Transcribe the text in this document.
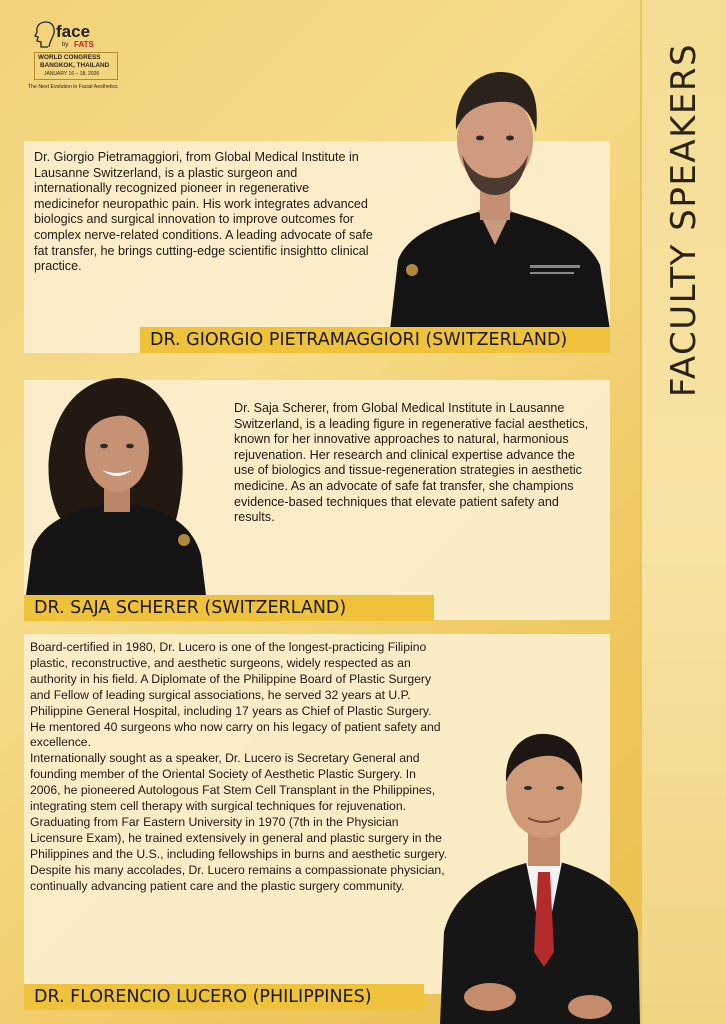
FACULTY SPEAKERS
face
by FATS
WORLD CONGRESS
BANGKOK, THAILAND
JANUARY 16 – 18, 2026
The Next Evolution in Facial Aesthetics
Dr. Giorgio Pietramaggiori, from Global Medical Institute in Lausanne Switzerland, is a plastic surgeon and internationally recognized pioneer in regenerative medicinefor neuropathic pain. His work integrates advanced biologics and surgical innovation to improve outcomes for complex nerve-related conditions. A leading advocate of safe fat transfer, he brings cutting-edge scientific insightto clinical practice.
DR. GIORGIO PIETRAMAGGIORI (SWITZERLAND)
Dr. Saja Scherer, from Global Medical Institute in Lausanne Switzerland, is a leading figure in regenerative facial aesthetics, known for her innovative approaches to natural, harmonious rejuvenation. Her research and clinical expertise advance the use of biologics and tissue-regeneration strategies in aesthetic medicine. As an advocate of safe fat transfer, she champions evidence-based techniques that elevate patient safety and results.
DR. SAJA SCHERER (SWITZERLAND)

Board-certified in 1980, Dr. Lucero is one of the longest-practicing Filipino plastic, reconstructive, and aesthetic surgeons, widely respected as an authority in his field. A Diplomate of the Philippine Board of Plastic Surgery and Fellow of leading surgical associations, he served 32 years at U.P. Philippine General Hospital, including 17 years as Chief of Plastic Surgery. He mentored 40 surgeons who now carry on his legacy of patient safety and excellence.

Internationally sought as a speaker, Dr. Lucero is Secretary General and founding member of the Oriental Society of Aesthetic Plastic Surgery. In 2006, he pioneered Autologous Fat Stem Cell Transplant in the Philippines, integrating stem cell therapy with surgical techniques for rejuvenation.

Graduating from Far Eastern University in 1970 (7th in the Physician Licensure Exam), he trained extensively in general and plastic surgery in the Philippines and the U.S., including fellowships in burns and aesthetic surgery. Despite his many accolades, Dr. Lucero remains a compassionate physician, continually advancing patient care and the plastic surgery community.

DR. FLORENCIO LUCERO (PHILIPPINES)
